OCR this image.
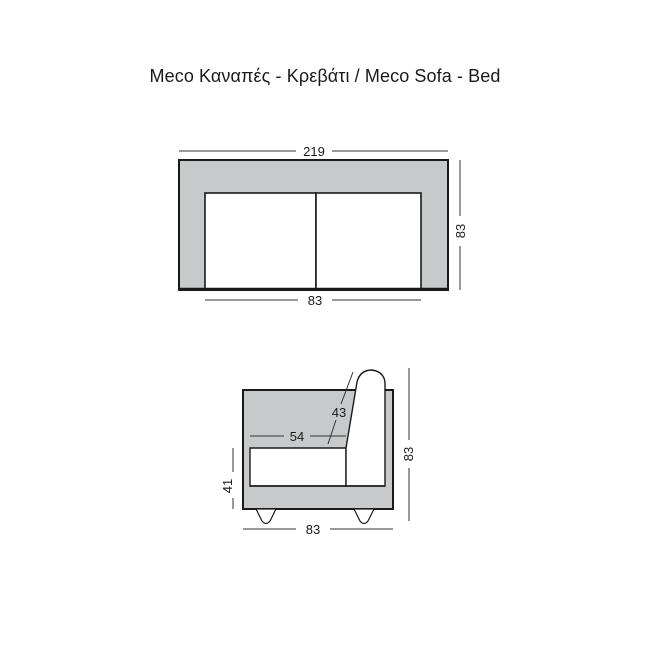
Meco Καναπές - Κρεβάτι / Meco Sofa - Bed
219
83
83
43
54
83
41
83
